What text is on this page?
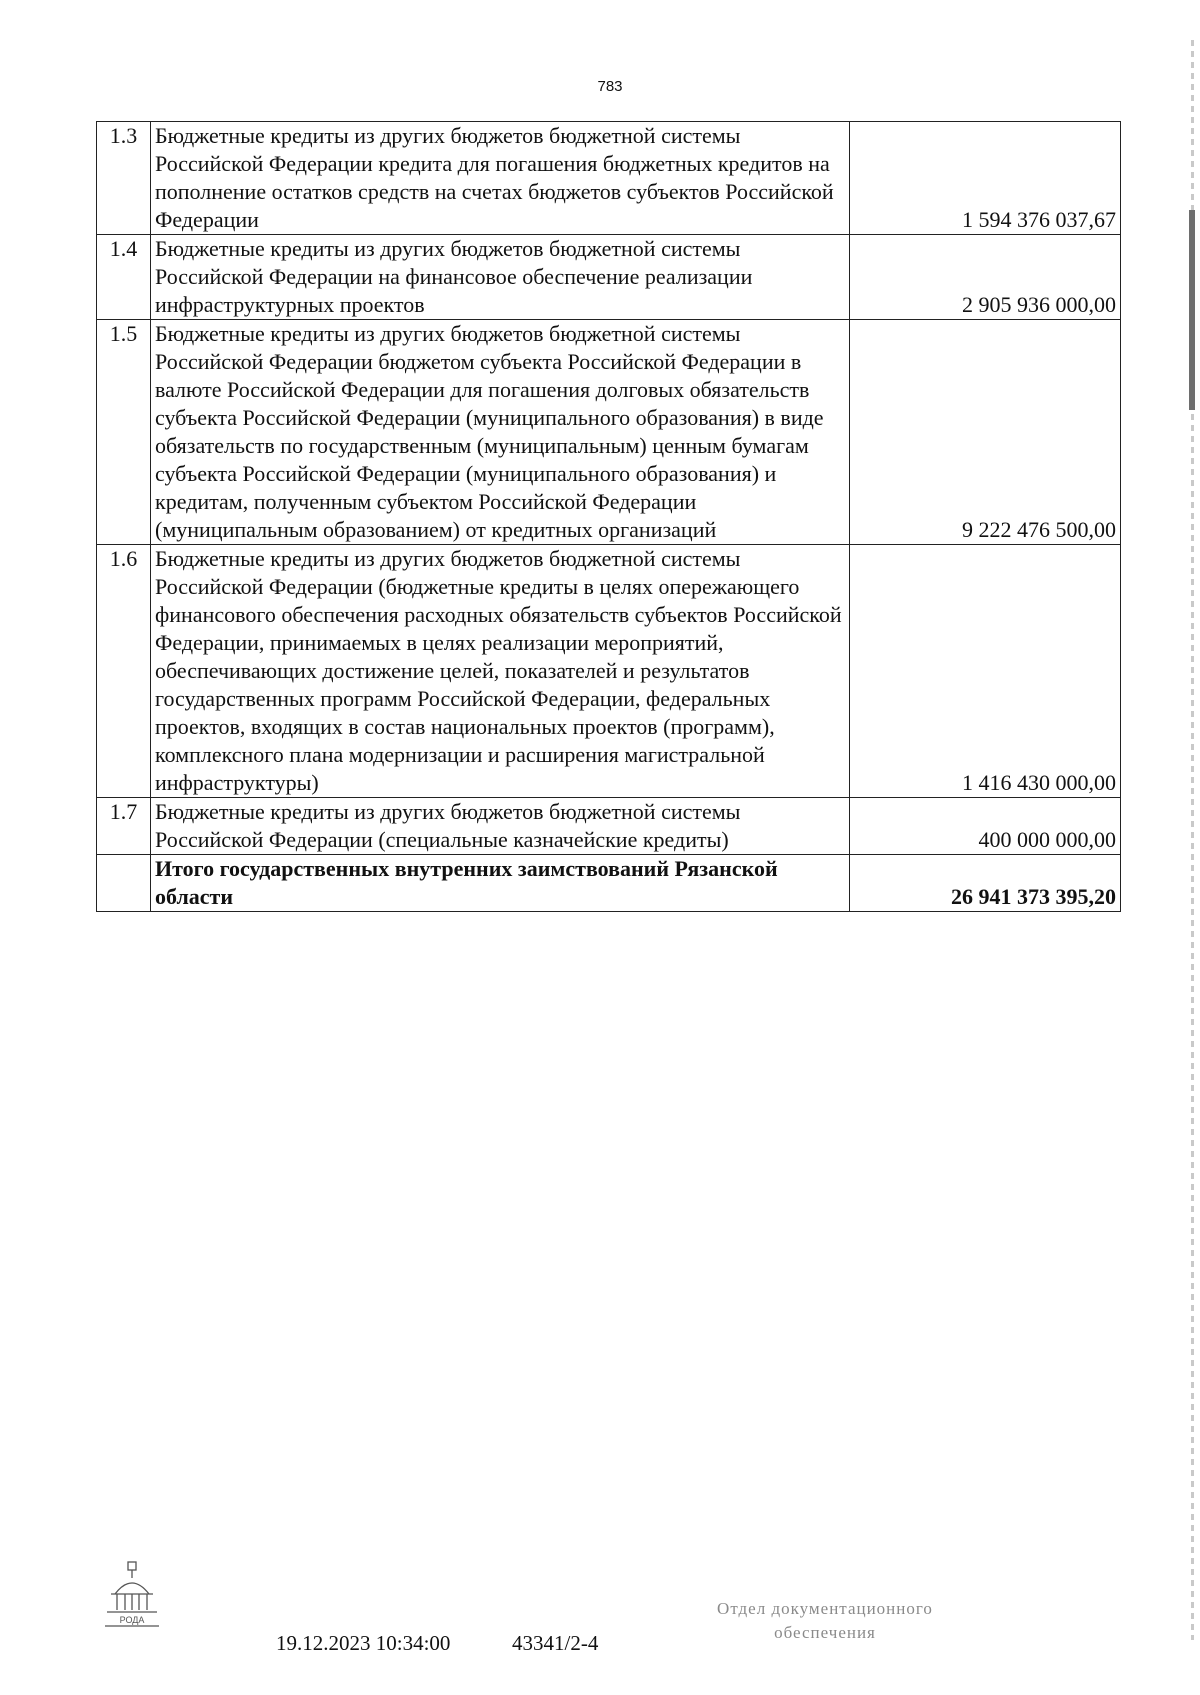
783
1.3	Бюджетные кредиты из других бюджетов бюджетной системы Российской Федерации кредита для погашения бюджетных кредитов на пополнение остатков средств на счетах бюджетов субъектов Российской Федерации	1 594 376 037,67
1.4	Бюджетные кредиты из других бюджетов бюджетной системы Российской Федерации на финансовое обеспечение реализации инфраструктурных проектов	2 905 936 000,00
1.5	Бюджетные кредиты из других бюджетов бюджетной системы Российской Федерации бюджетом субъекта Российской Федерации в валюте Российской Федерации для погашения долговых обязательств субъекта Российской Федерации (муниципального образования) в виде обязательств по государственным (муниципальным) ценным бумагам субъекта Российской Федерации (муниципального образования) и кредитам, полученным субъектом Российской Федерации (муниципальным образованием) от кредитных организаций	9 222 476 500,00
1.6	Бюджетные кредиты из других бюджетов бюджетной системы Российской Федерации (бюджетные кредиты в целях опережающего финансового обеспечения расходных обязательств субъектов Российской Федерации, принимаемых в целях реализации мероприятий, обеспечивающих достижение целей, показателей и результатов государственных программ Российской Федерации, федеральных проектов, входящих в состав национальных проектов (программ), комплексного плана модернизации и расширения магистральной инфраструктуры)	1 416 430 000,00
1.7	Бюджетные кредиты из других бюджетов бюджетной системы Российской Федерации (специальные казначейские кредиты)	400 000 000,00
	Итого государственных внутренних заимствований Рязанской области	26 941 373 395,20
РОДА
19.12.2023 10:34:00	43341/2-4
Отдел документационного
обеспечения
